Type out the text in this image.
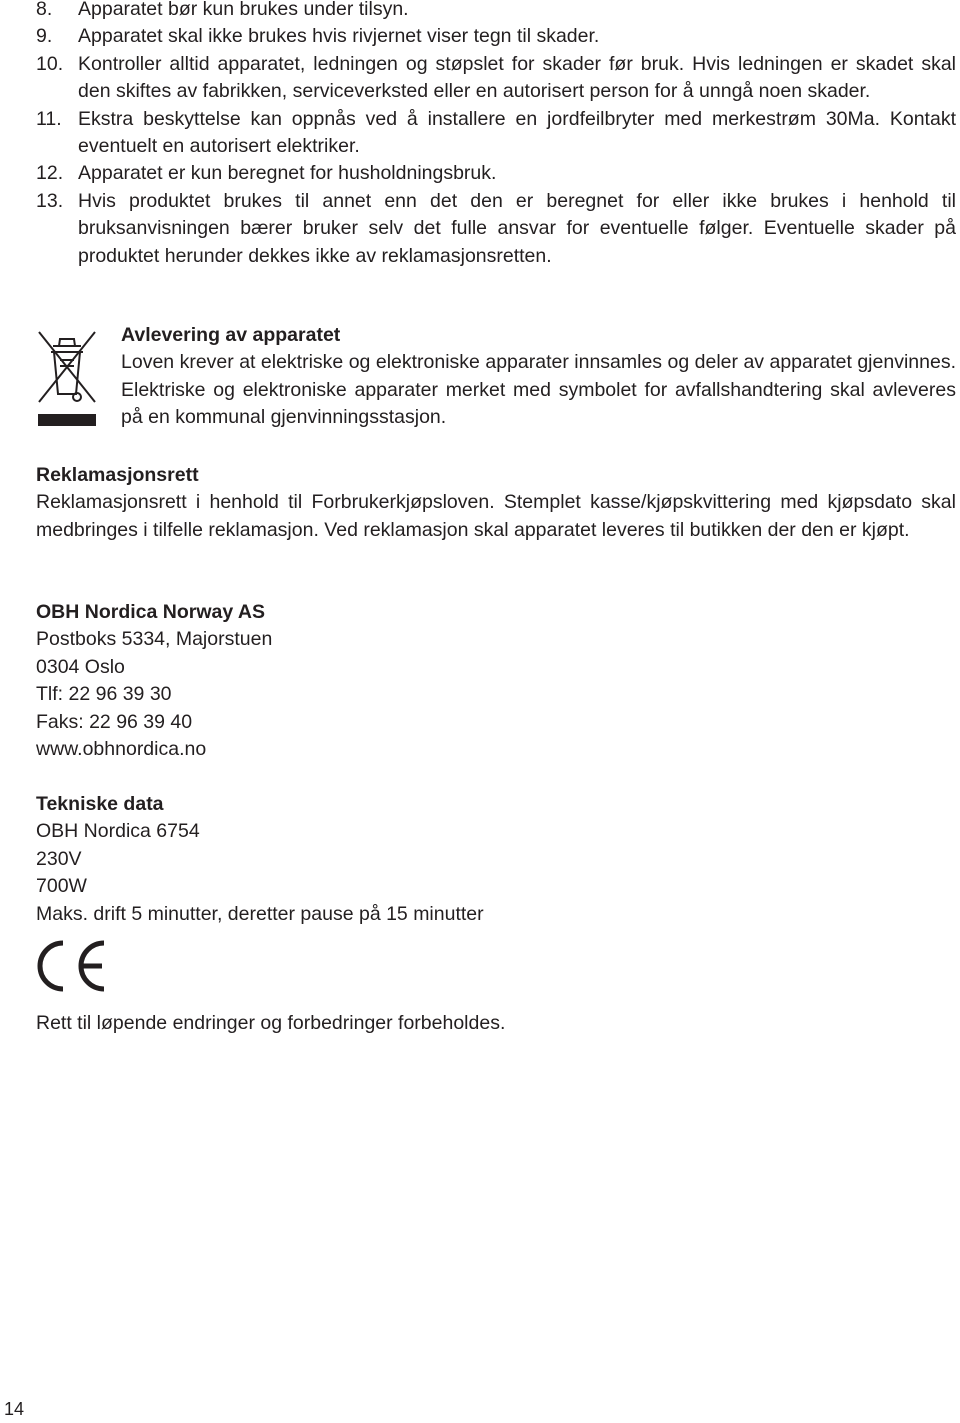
8.	Apparatet bør kun brukes under tilsyn.
9.	Apparatet skal ikke brukes hvis rivjernet viser tegn til skader.
10. Kontroller alltid apparatet, ledningen og støpslet for skader før bruk. Hvis ledningen er skadet skal den skiftes av fabrikken, serviceverksted eller en autorisert person for å unngå noen skader.
11. Ekstra beskyttelse kan oppnås ved å installere en jordfeilbryter med merkestrøm 30Ma. Kontakt eventuelt en autorisert elektriker.
12. Apparatet er kun beregnet for husholdningsbruk.
13. Hvis produktet brukes til annet enn det den er beregnet for eller ikke brukes i henhold til bruksanvisningen bærer bruker selv det fulle ansvar for eventuelle følger. Eventuelle skader på produktet herunder dekkes ikke av reklamasjonsretten.
Avlevering av apparatet
Loven krever at elektriske og elektroniske apparater innsamles og deler av apparatet gjenvinnes. Elektriske og elektroniske apparater merket med symbolet for avfallshandtering skal avleveres på en kommunal gjenvinningsstasjon.
Reklamasjonsrett
Reklamasjonsrett i henhold til Forbrukerkjøpsloven. Stemplet kasse/kjøpskvittering med kjøpsdato skal medbringes i tilfelle reklamasjon. Ved reklamasjon skal apparatet leveres til butikken der den er kjøpt.
OBH Nordica Norway AS
Postboks 5334, Majorstuen
0304 Oslo
Tlf: 22 96 39 30
Faks: 22 96 39 40
www.obhnordica.no
Tekniske data
OBH Nordica 6754
230V
700W
Maks. drift 5 minutter, deretter pause på 15 minutter
Rett til løpende endringer og forbedringer forbeholdes.
14
